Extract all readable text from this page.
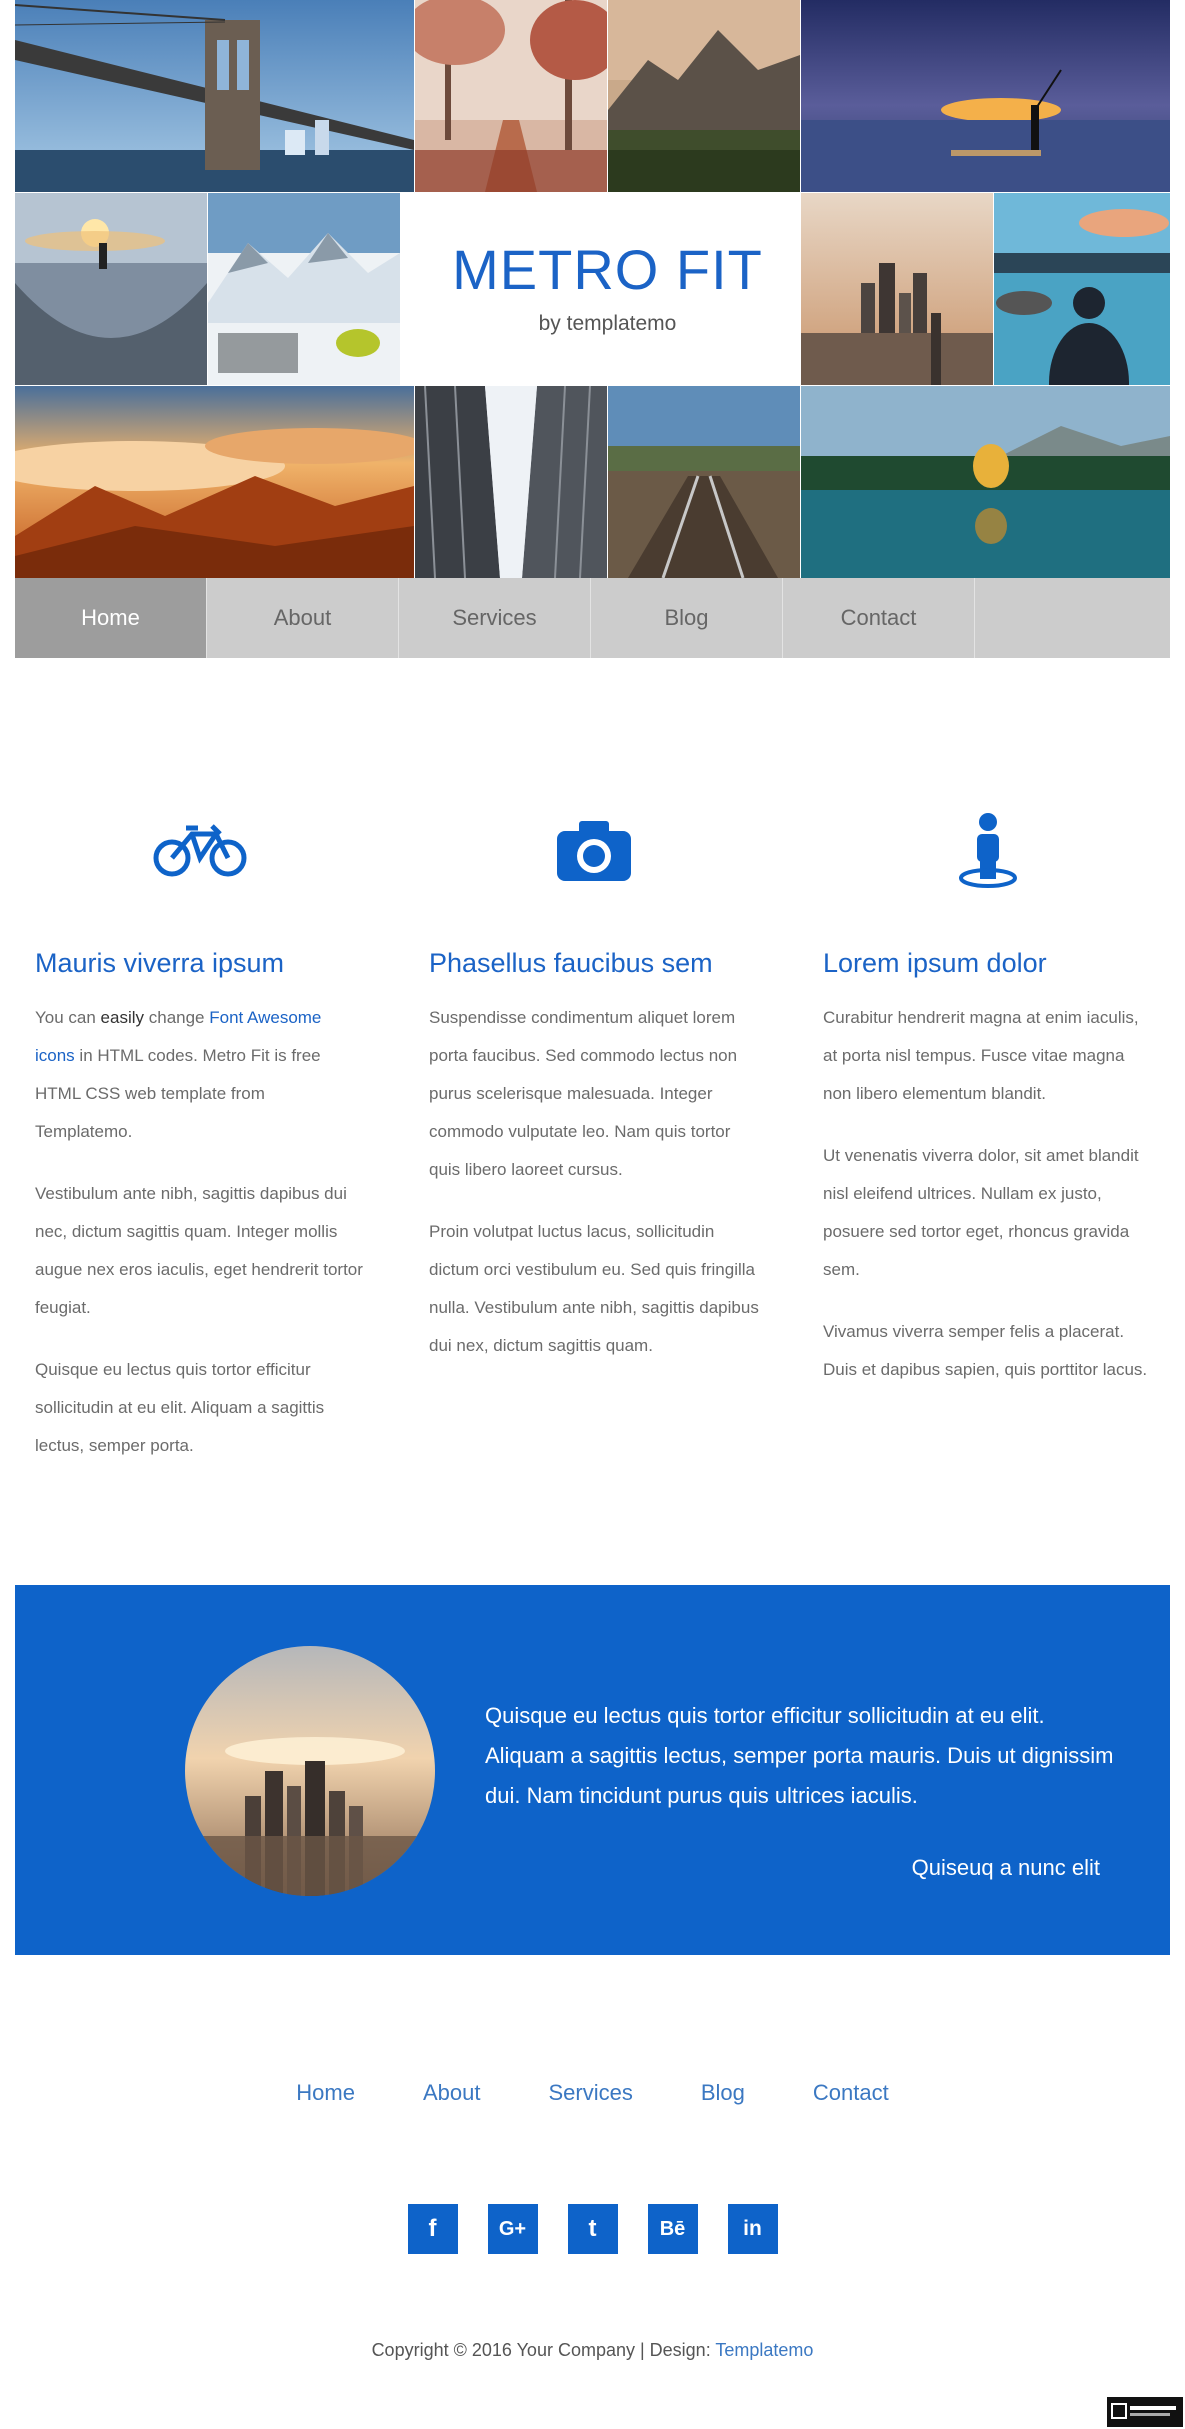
METRO FIT
by templatemo
Home	About	Services	Blog	Contact
Mauris viverra ipsum

You can easily change Font Awesome icons in HTML codes. Metro Fit is free HTML CSS web template from Templatemo.

Vestibulum ante nibh, sagittis dapibus dui nec, dictum sagittis quam. Integer mollis augue nex eros iaculis, eget hendrerit tortor feugiat.

Quisque eu lectus quis tortor efficitur sollicitudin at eu elit. Aliquam a sagittis lectus, semper porta.

Phasellus faucibus sem

Suspendisse condimentum aliquet lorem porta faucibus. Sed commodo lectus non purus scelerisque malesuada. Integer commodo vulputate leo. Nam quis tortor quis libero laoreet cursus.

Proin volutpat luctus lacus, sollicitudin dictum orci vestibulum eu. Sed quis fringilla nulla. Vestibulum ante nibh, sagittis dapibus dui nex, dictum sagittis quam.

Lorem ipsum dolor

Curabitur hendrerit magna at enim iaculis, at porta nisl tempus. Fusce vitae magna non libero elementum blandit.

Ut venenatis viverra dolor, sit amet blandit nisl eleifend ultrices. Nullam ex justo, posuere sed tortor eget, rhoncus gravida sem.

Vivamus viverra semper felis a placerat. Duis et dapibus sapien, quis porttitor lacus.

Quisque eu lectus quis tortor efficitur sollicitudin at eu elit. Aliquam a sagittis lectus, semper porta mauris. Duis ut dignissim dui. Nam tincidunt purus quis ultrices iaculis.
Quiseuq a nunc elit
Home	About	Services	Blog	Contact
f	G+	t	Bē	in
Copyright © 2016 Your Company | Design: Templatemo
